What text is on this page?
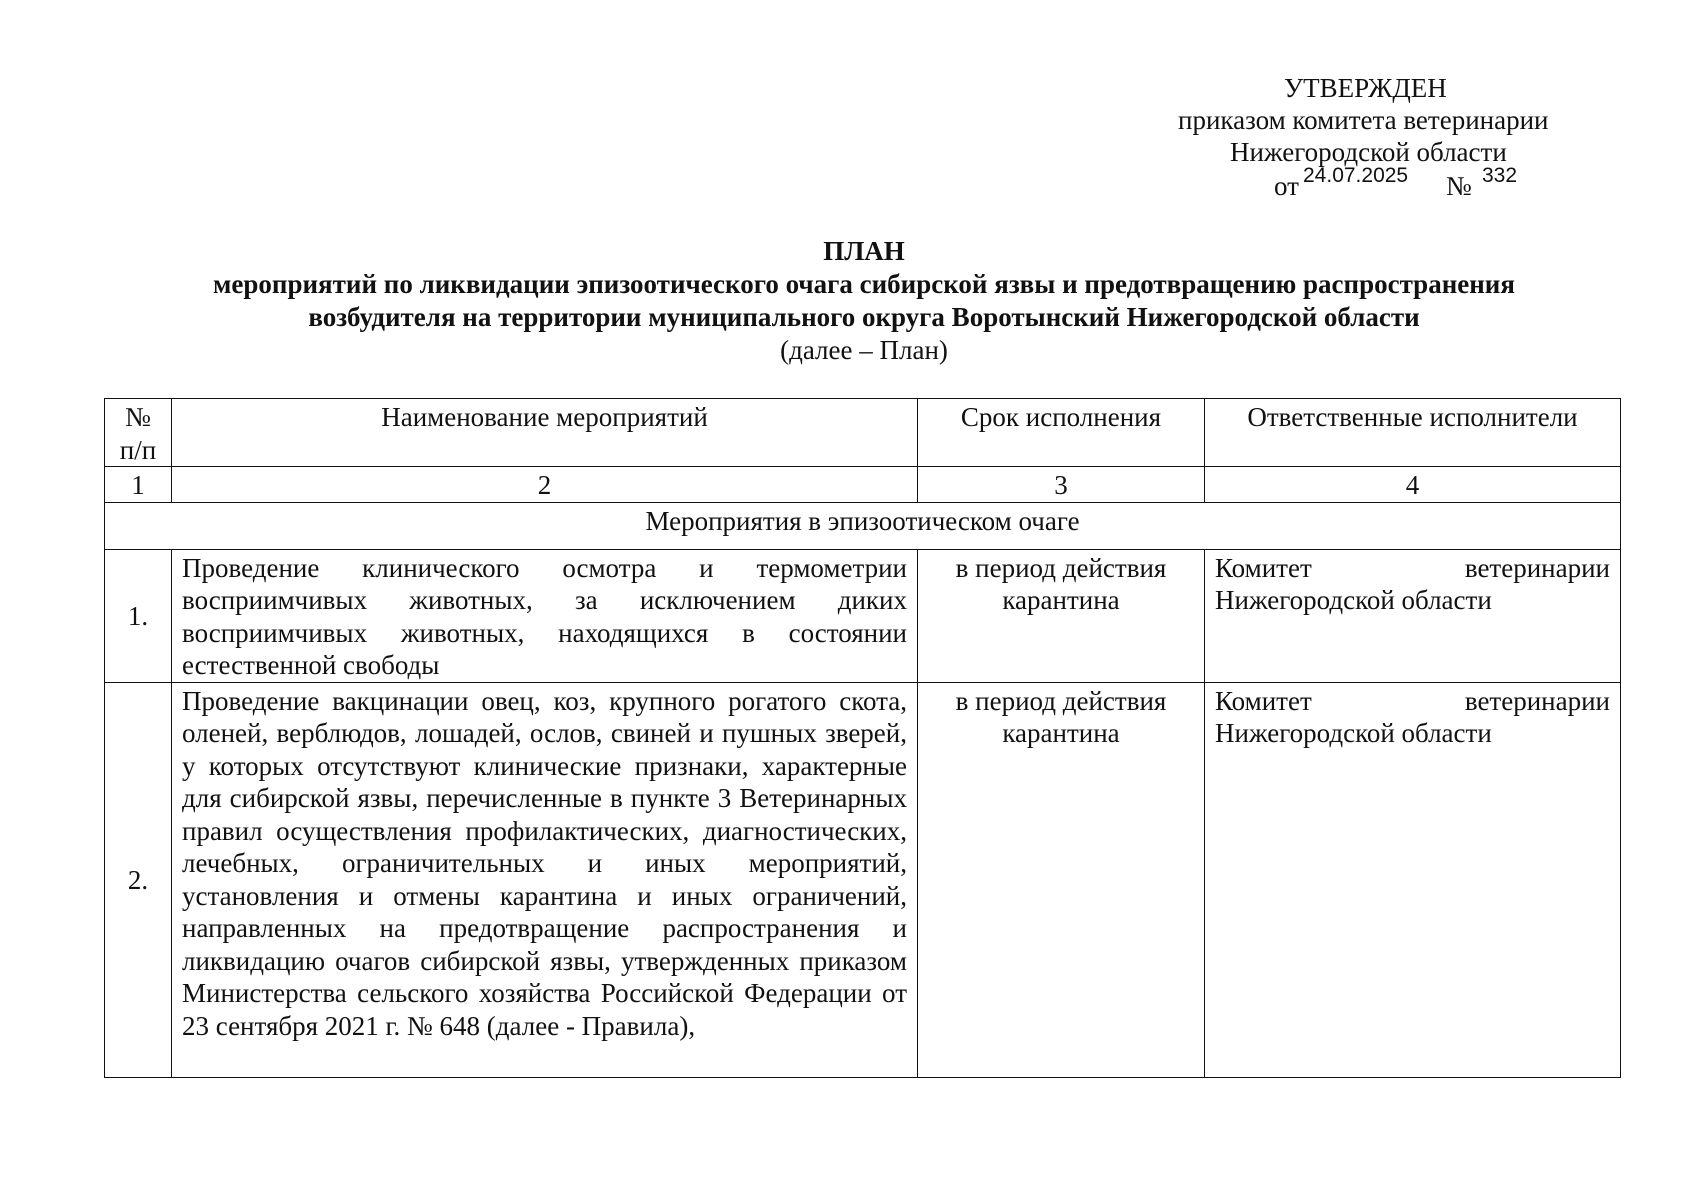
УТВЕРЖДЕН
приказом комитета ветеринарии
Нижегородской области
от 24.07.2025 № 332
ПЛАН
мероприятий по ликвидации эпизоотического очага сибирской язвы и предотвращению распространения
возбудителя на территории муниципального округа Воротынский Нижегородской области
(далее – План)
№ п/п	Наименование мероприятий	Срок исполнения	Ответственные исполнители
1	2	3	4
Мероприятия в эпизоотическом очаге			
1.	Проведение клинического осмотра и термометрии восприимчивых животных, за исключением диких восприимчивых животных, находящихся в состоянии естественной свободы	в период действия карантина	Комитет ветеринарии Нижегородской области
2.	Проведение вакцинации овец, коз, крупного рогатого скота, оленей, верблюдов, лошадей, ослов, свиней и пушных зверей, у которых отсутствуют клинические признаки, характерные для сибирской язвы, перечисленные в пункте 3 Ветеринарных правил осуществления профилактических, диагностических, лечебных, ограничительных и иных мероприятий, установления и отмены карантина и иных ограничений, направленных на предотвращение распространения и ликвидацию очагов сибирской язвы, утвержденных приказом Министерства сельского хозяйства Российской Федерации от 23 сентября 2021 г. № 648 (далее - Правила),	в период действия карантина	Комитет ветеринарии Нижегородской области
